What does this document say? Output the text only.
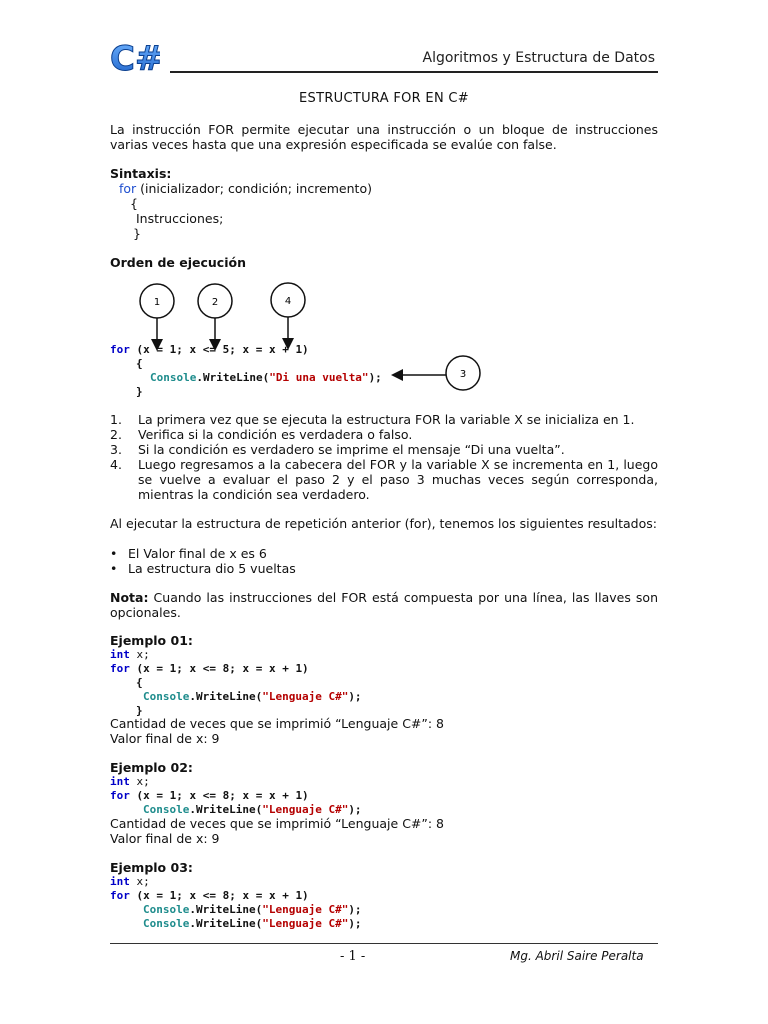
C#	Algoritmos y Estructura de Datos
ESTRUCTURA FOR EN C#
La instrucción FOR permite ejecutar una instrucción o un bloque de instrucciones varias veces hasta que una expresión especificada se evalúe con false.
Sintaxis:
for (inicializador; condición; incremento)
{
Instrucciones;
}
Orden de ejecución
1	2	4
3
for (x = 1; x <= 5; x = x + 1)
{
Console.WriteLine("Di una vuelta");
}
1. La primera vez que se ejecuta la estructura FOR la variable X se inicializa en 1.
2. Verifica si la condición es verdadera o falso.
3. Si la condición es verdadero se imprime el mensaje “Di una vuelta”.
4. Luego regresamos a la cabecera del FOR y la variable X se incrementa en 1, luego se vuelve a evaluar el paso 2 y el paso 3 muchas veces según corresponda, mientras la condición sea verdadero.
Al ejecutar la estructura de repetición anterior (for), tenemos los siguientes resultados:
• El Valor final de x es 6
• La estructura dio 5 vueltas
Nota: Cuando las instrucciones del FOR está compuesta por una línea, las llaves son opcionales.
Ejemplo 01:
int x;
for (x = 1; x <= 8; x = x + 1)
{
Console.WriteLine("Lenguaje C#");
}
Cantidad de veces que se imprimió “Lenguaje C#”: 8
Valor final de x: 9
Ejemplo 02:
int x;
for (x = 1; x <= 8; x = x + 1)
Console.WriteLine("Lenguaje C#");
Cantidad de veces que se imprimió “Lenguaje C#”: 8
Valor final de x: 9
Ejemplo 03:
int x;
for (x = 1; x <= 8; x = x + 1)
Console.WriteLine("Lenguaje C#");
Console.WriteLine("Lenguaje C#");
- 1 -	Mg. Abril Saire Peralta
